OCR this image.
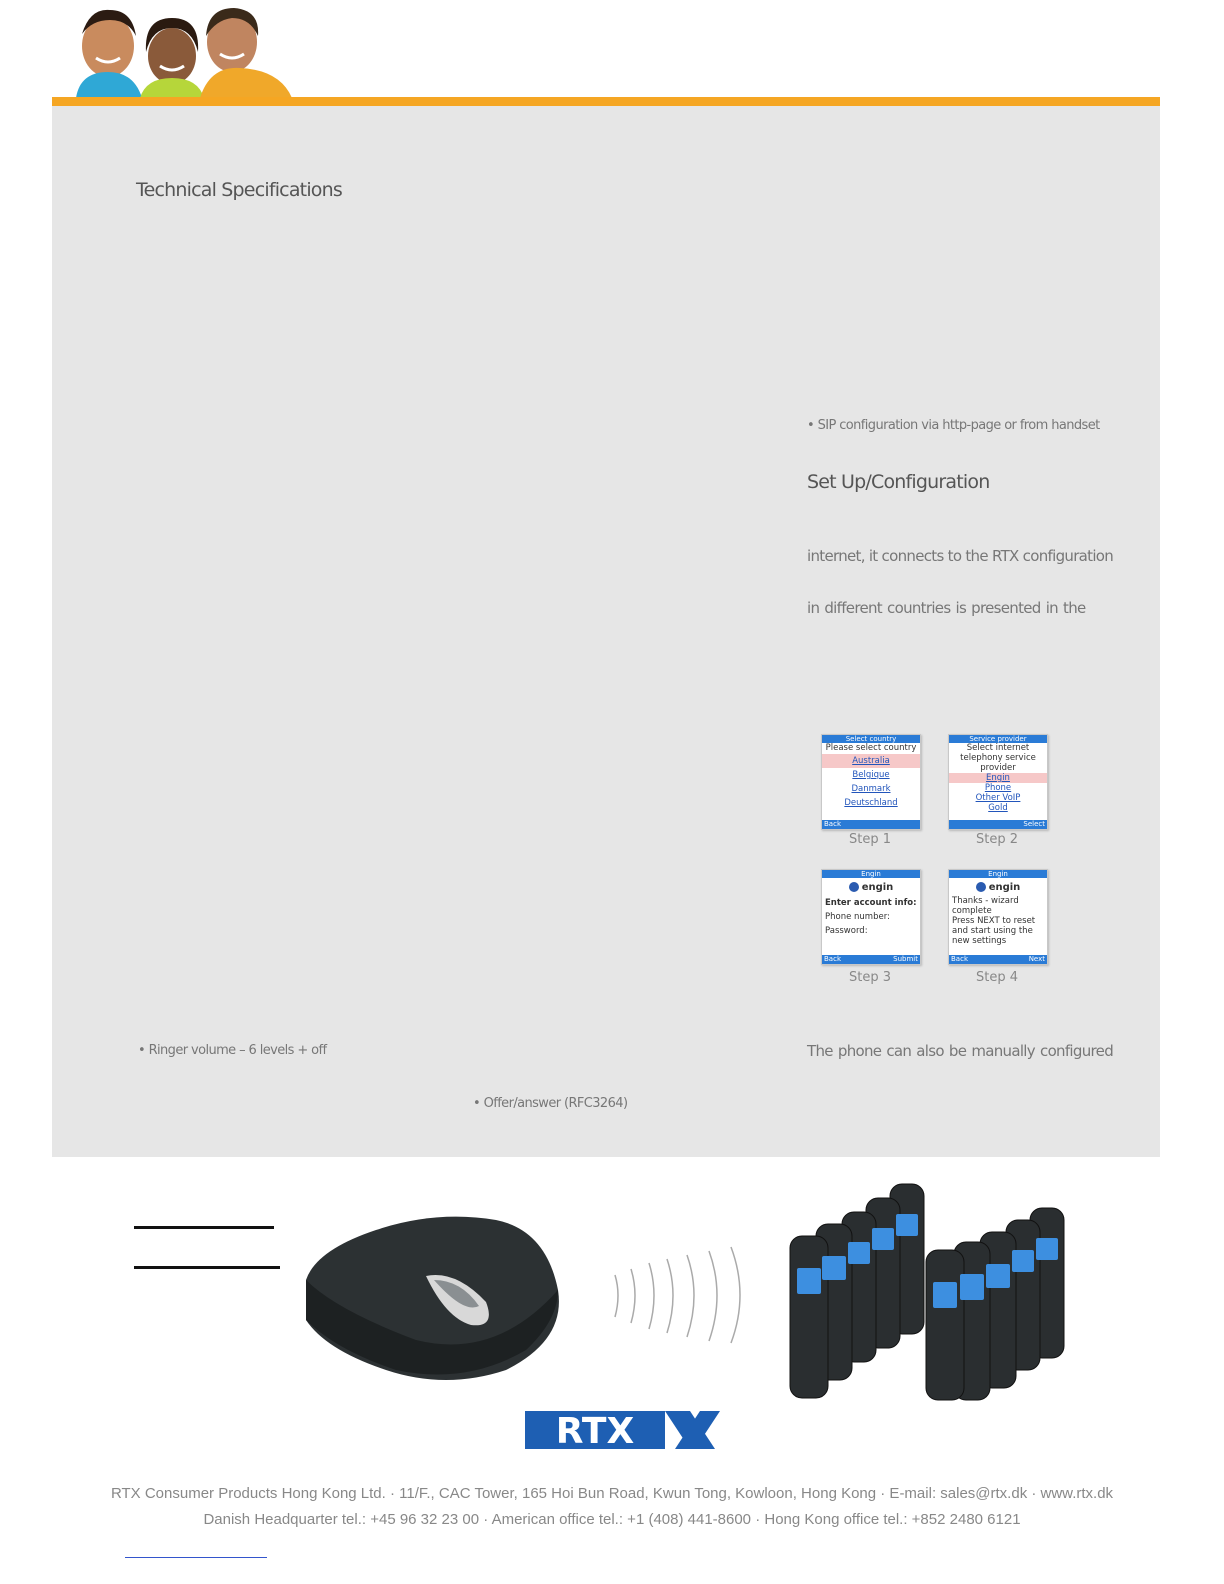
Technical Specifications
• SIP configuration via http-page or from handset
Set Up/Configuration
internet, it connects to the RTX configuration
in different countries is presented in the
Select country
Please select country
Australia
Belgique
Danmark
Deutschland
Back
Step 1
Service provider
Select internet
telephony service
provider
Engin
Phone
Other VoIP
Gold
Select
Step 2
Engin
engin
Enter account info:
Phone number:
Password:
Back	Submit
Step 3
Engin
engin
Thanks - wizard
complete
Press NEXT to reset
and start using the
new settings
Back	Next
Step 4
• Ringer volume – 6 levels + off	The phone can also be manually configured
• Offer/answer (RFC3264)
RTX
RTX Consumer Products Hong Kong Ltd. · 11/F., CAC Tower, 165 Hoi Bun Road, Kwun Tong, Kowloon, Hong Kong · E-mail: sales@rtx.dk · www.rtx.dk
Danish Headquarter tel.: +45 96 32 23 00 · American office tel.: +1 (408) 441-8600 · Hong Kong office tel.: +852 2480 6121
